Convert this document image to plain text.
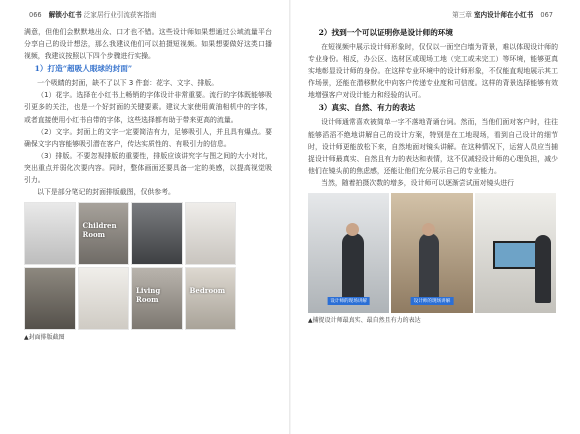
066 解锁小红书 泛家居行业引流获客指南

满意，但他们会默默地出众、口才也不错。这些设计师如果想通过公域流量平台分享自己的设计想法，那么我建议他们可以拍摄短视频。如果想要做好这类口播视频，我建议按照以下四个步骤进行实操。

1）打造“超吸人眼球的封面”

一个吸睛的封面，缺不了以下 3 件套：花字、文字、排版。

（1）花字。选择在小红书上畅销的字体设计非常重要。流行的字体既能够吸引更多的关注，也是一个好封面的关键要素。建议大家使用黄油相机中的字体，或者直接使用小红书自带的字体，这些选择都有助于带来更高的流量。

（2）文字。封面上的文字一定要简洁有力，足够吸引人，并且具有爆点。要确保文字内容能够吸引潜在客户，传达实质性的、有吸引力的信息。

（3）排版。不要忽视排版的重要性，排版应该讲究字与图之间的大小对比，突出重点并弱化次要内容。同时，整体画面还要具备一定的美感，以提高视觉吸引力。

以下是部分笔记的封面排版截图，仅供参考。

Children Room
Living Room
Bedroom
▲封面排版截图
第三章 室内设计师在小红书 067
2）找到一个可以证明你是设计师的环境

在短视频中展示设计师形象时，仅仅以一面空白墙为背景，难以体现设计师的专业身份。相反，办公区、选材区或现场工地（完工或未完工）等环境，能够更真实地彰显设计师的身份。在这样专业环境中的设计师形象，不仅能直观地展示其工作场景，还能在潜移默化中向客户传递专业度和可信度。这样的背景选择能够有效地增强客户对设计能力和经验的认可。

3）真实、自然、有力的表达

设计师通常喜欢被简单一字不落地背诵台词。然而，当他们面对客户时，往往能够滔滔不绝地讲解自己的设计方案，特别是在工地现场，看到自己设计的细节时，设计师更能放松下来，自然地面对镜头讲解。在这种情况下，运营人员应当捕捉设计师最真实、自然且有力的表达和表情，这不仅减轻设计师的心理负担，减少他们在镜头前的焦虑感，还能让他们充分展示自己的专业能力。

当然，随着拍摄次数的增多，设计师可以逐渐尝试面对镜头进行

设计师的现场讲解	设计师的现场讲解
▲捕捉设计师最真实、最自然且有力的表达
